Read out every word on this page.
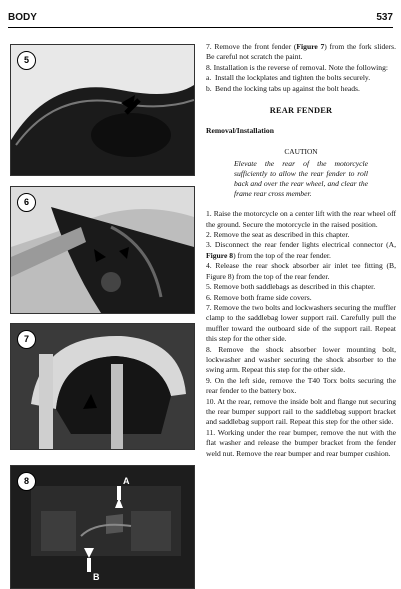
BODY	537
5
6
7
8	A
B

7. Remove the front fender (Figure 7) from the fork sliders. Be careful not scratch the paint.

8. Installation is the reverse of removal. Note the following:

a. Install the lockplates and tighten the bolts securely.

b. Bend the locking tabs up against the bolt heads.

REAR FENDER
Removal/Installation
CAUTION
Elevate the rear of the motorcycle sufficiently to allow the rear fender to roll back and over the rear wheel, and clear the frame rear cross member.

1. Raise the motorcycle on a center lift with the rear wheel off the ground. Secure the motorcycle in the raised position.

2. Remove the seat as described in this chapter.

3. Disconnect the rear fender lights electrical connector (A, Figure 8) from the top of the rear fender.

4. Release the rear shock absorber air inlet tee fitting (B, Figure 8) from the top of the rear fender.

5. Remove both saddlebags as described in this chapter.

6. Remove both frame side covers.

7. Remove the two bolts and lockwashers securing the muffler clamp to the saddlebag lower support rail. Carefully pull the muffler toward the outboard side of the support rail. Repeat this step for the other side.

8. Remove the shock absorber lower mounting bolt, lockwasher and washer securing the shock absorber to the swing arm. Repeat this step for the other side.

9. On the left side, remove the T40 Torx bolts securing the rear fender to the battery box.

10. At the rear, remove the inside bolt and flange nut securing the rear bumper support rail to the saddlebag support bracket and saddlebag support rail. Repeat this step for the other side.

11. Working under the rear bumper, remove the nut with the flat washer and release the bumper bracket from the fender weld nut. Remove the rear bumper and rear bumper cushion.
